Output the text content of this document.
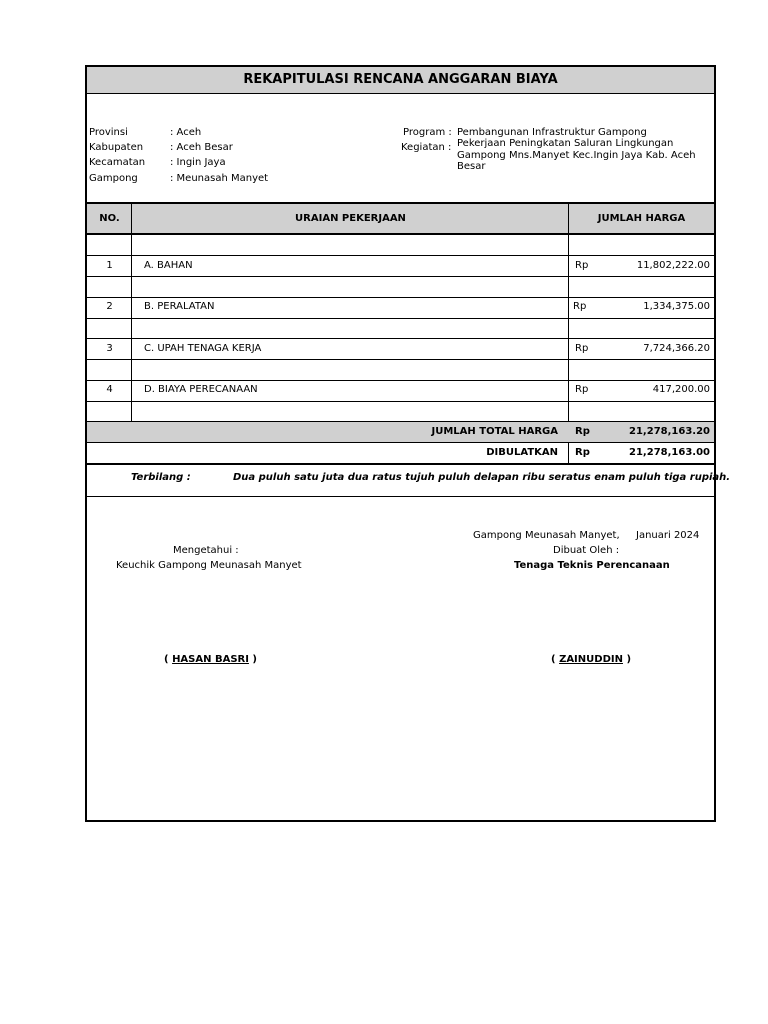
REKAPITULASI RENCANA ANGGARAN BIAYA
Provinsi	: Aceh
Kabupaten	: Aceh Besar
Kecamatan : Ingin Jaya
Gampong	: Meunasah Manyet
Program : Pembangunan Infrastruktur Gampong
Kegiatan : Pekerjaan Peningkatan Saluran Lingkungan
Gampong Mns.Manyet Kec.Ingin Jaya Kab. Aceh
Besar
NO.	URAIAN PEKERJAAN	JUMLAH HARGA
1	A. BAHAN	Rp	11,802,222.00
2	B. PERALATAN	Rp	1,334,375.00
3	C. UPAH TENAGA KERJA	Rp	7,724,366.20
4	D. BIAYA PERECANAAN	Rp	417,200.00
JUMLAH TOTAL HARGA Rp	21,278,163.20
DIBULATKAN Rp	21,278,163.00
Terbilang :	Dua puluh satu juta dua ratus tujuh puluh delapan ribu seratus enam puluh tiga rupiah.
Mengetahui :
Keuchik Gampong Meunasah Manyet
( HASAN BASRI )
Gampong Meunasah Manyet, Januari 2024
Dibuat Oleh :
Tenaga Teknis Perencanaan
( ZAINUDDIN )
